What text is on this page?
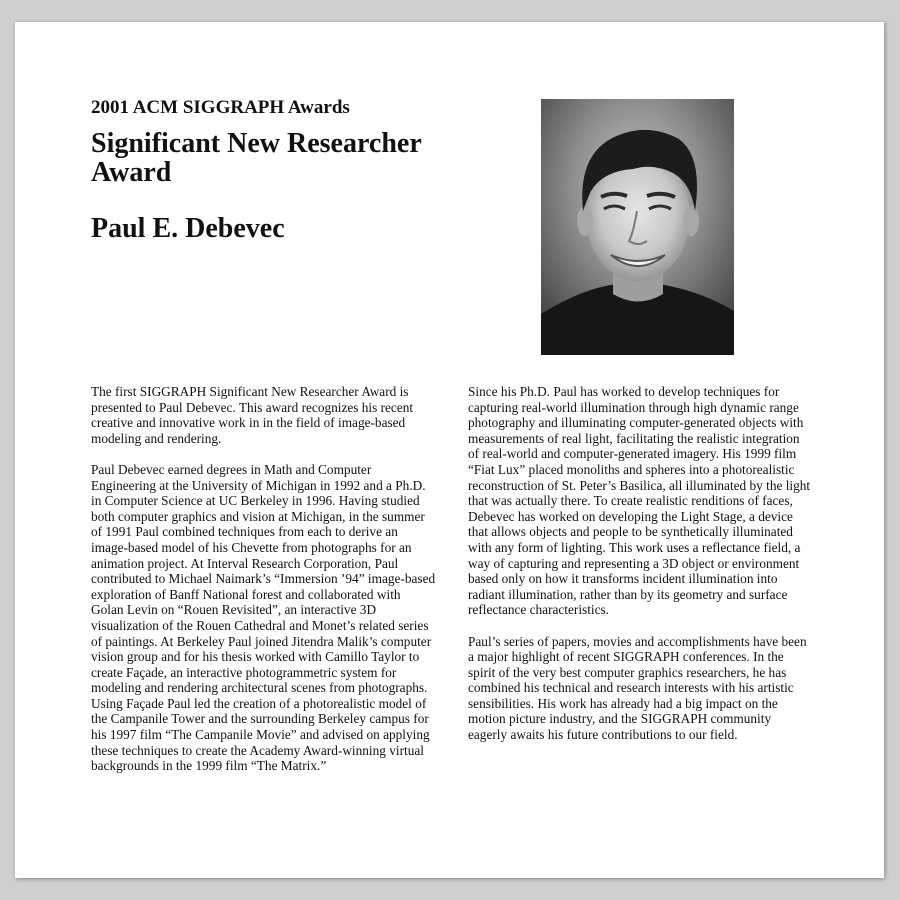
2001 ACM SIGGRAPH Awards
Significant New Researcher Award
Paul E. Debevec

The first SIGGRAPH Significant New Researcher Award is presented to Paul Debevec. This award recognizes his recent creative and innovative work in in the field of image-based modeling and rendering.

Paul Debevec earned degrees in Math and Computer Engineering at the University of Michigan in 1992 and a Ph.D. in Computer Science at UC Berkeley in 1996. Having studied both computer graphics and vision at Michigan, in the summer of 1991 Paul combined techniques from each to derive an image-based model of his Chevette from photographs for an animation project. At Interval Research Corporation, Paul contributed to Michael Naimark’s “Immersion ’94” image-based exploration of Banff National forest and collaborated with Golan Levin on “Rouen Revisited”, an interactive 3D visualization of the Rouen Cathedral and Monet’s related series of paintings. At Berkeley Paul joined Jitendra Malik’s computer vision group and for his thesis worked with Camillo Taylor to create Façade, an interactive photogrammetric system for modeling and rendering architectural scenes from photographs. Using Façade Paul led the creation of a photorealistic model of the Campanile Tower and the surrounding Berkeley campus for his 1997 film “The Campanile Movie” and advised on applying these techniques to create the Academy Award-winning virtual backgrounds in the 1999 film “The Matrix.”

Since his Ph.D. Paul has worked to develop techniques for capturing real-world illumination through high dynamic range photography and illuminating computer-generated objects with measurements of real light, facilitating the realistic integration of real-world and computer-generated imagery. His 1999 film “Fiat Lux” placed monoliths and spheres into a photorealistic reconstruction of St. Peter’s Basilica, all illuminated by the light that was actually there. To create realistic renditions of faces, Debevec has worked on developing the Light Stage, a device that allows objects and people to be synthetically illuminated with any form of lighting. This work uses a reflectance field, a way of capturing and representing a 3D object or environment based only on how it transforms incident illumination into radiant illumination, rather than by its geometry and surface reflectance characteristics.

Paul’s series of papers, movies and accomplishments have been a major highlight of recent SIGGRAPH conferences. In the spirit of the very best computer graphics researchers, he has combined his technical and research interests with his artistic sensibilities. His work has already had a big impact on the motion picture industry, and the SIGGRAPH community eagerly awaits his future contributions to our field.
